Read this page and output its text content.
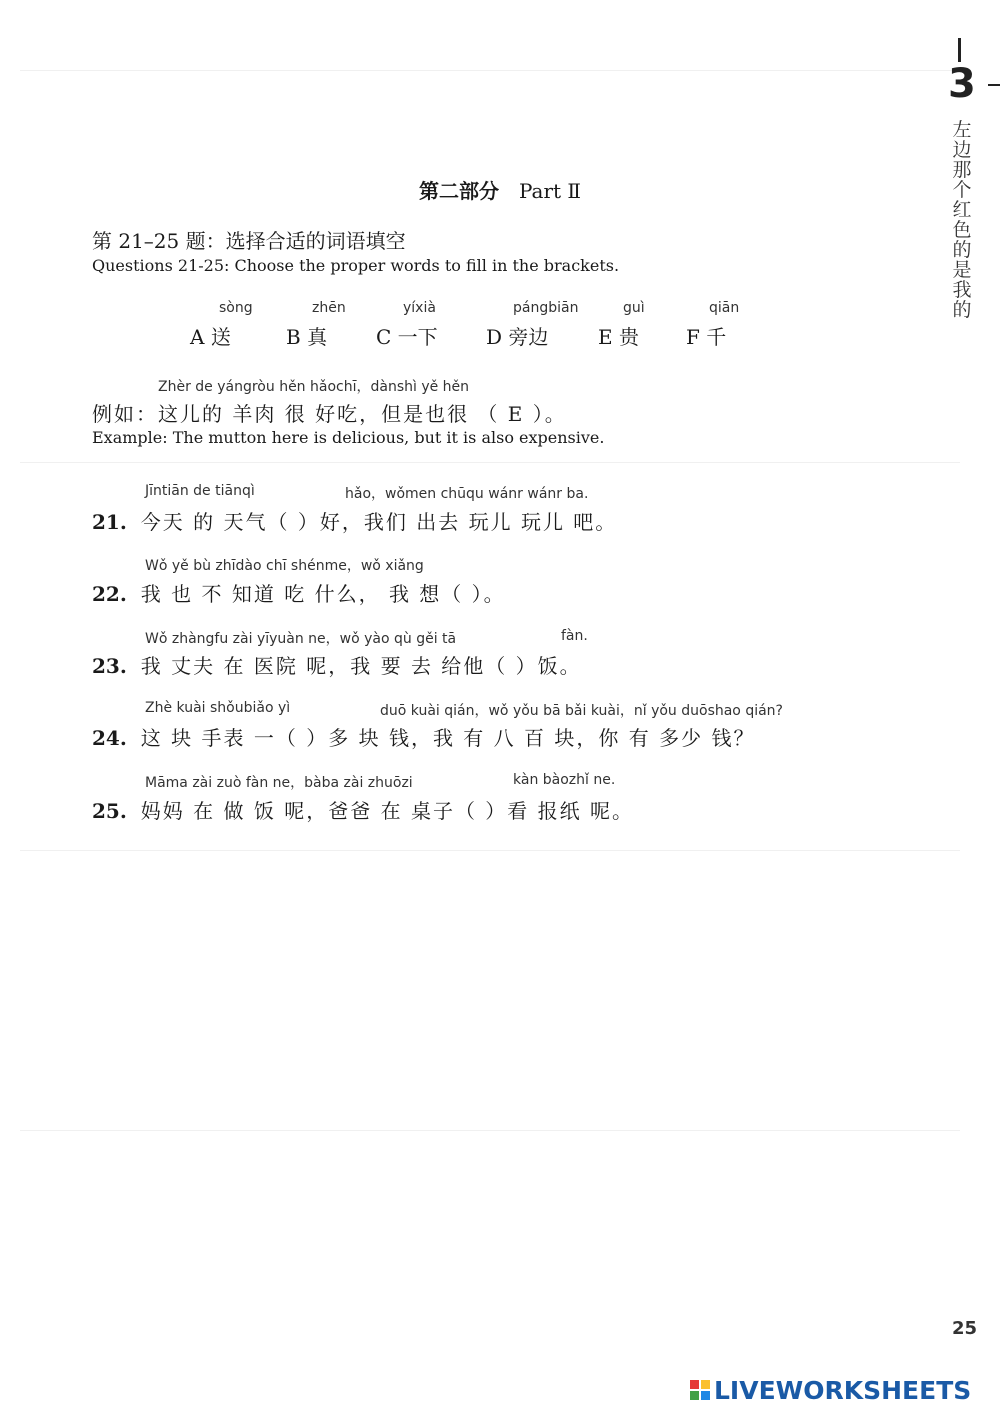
3
左边那个红色的是我的
第二部分 Part Ⅱ
第 21–25 题：选择合适的词语填空
Questions 21-25: Choose the proper words to fill in the brackets.
sòng	zhēn	yíxià	pángbiān	guì	qiān
A 送	B 真 C 一下 D 旁边 E 贵 F 千
Zhèr de yángròu hěn hǎochī，dànshì yě hěn
例如：这儿的 羊肉 很 好吃，但是也很 （ E ）。
Example: The mutton here is delicious, but it is also expensive.
Jīntiān de tiānqì	hǎo，wǒmen chūqu wánr wánr ba.
21. 今天 的 天气（ ）好，我们 出去 玩儿 玩儿 吧。
Wǒ yě bù zhīdào chī shénme，wǒ xiǎng
22. 我 也 不 知道 吃 什么， 我 想（ ）。
Wǒ zhàngfu zài yīyuàn ne，wǒ yào qù gěi tā	fàn.
23. 我 丈夫 在 医院 呢，我 要 去 给他（ ）饭。
Zhè kuài shǒubiǎo yì	duō kuài qián，wǒ yǒu bā bǎi kuài，nǐ yǒu duōshao qián?
24. 这 块 手表 一（ ）多 块 钱，我 有 八 百 块，你 有 多少 钱？
Māma zài zuò fàn ne，bàba zài zhuōzi	kàn bàozhǐ ne.
25. 妈妈 在 做 饭 呢，爸爸 在 桌子（ ）看 报纸 呢。
25
LIVEWORKSHEETS
